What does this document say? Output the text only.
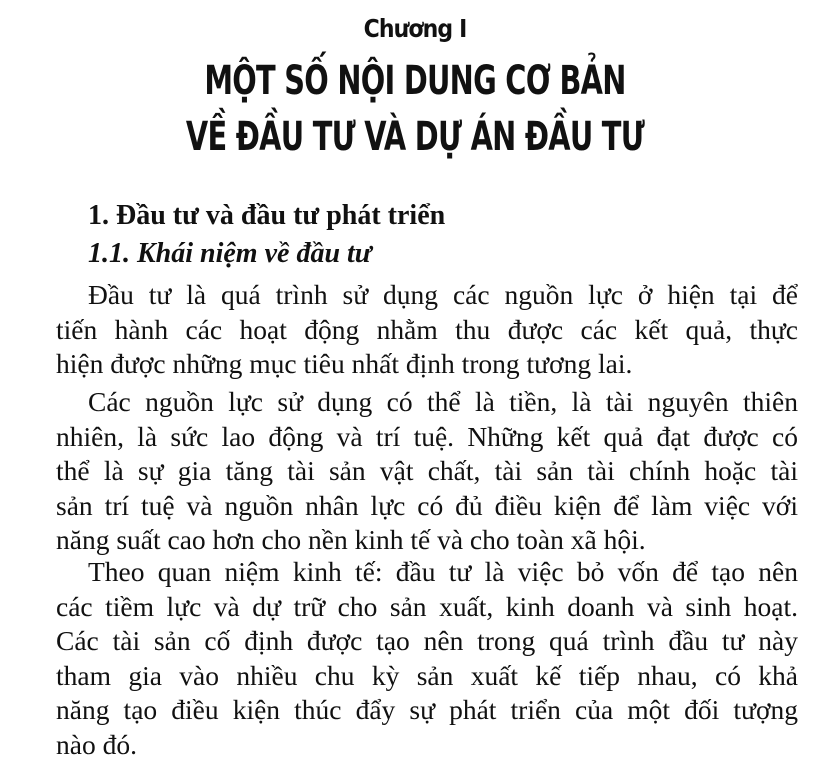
Chương I
MỘT SỐ NỘI DUNG CƠ BẢN
VỀ ĐẦU TƯ VÀ DỰ ÁN ĐẦU TƯ
1. Đầu tư và đầu tư phát triển
1.1. Khái niệm về đầu tư
Đầu tư là quá trình sử dụng các nguồn lực ở hiện tại để
tiến hành các hoạt động nhằm thu được các kết quả, thực
hiện được những mục tiêu nhất định trong tương lai.
Các nguồn lực sử dụng có thể là tiền, là tài nguyên thiên
nhiên, là sức lao động và trí tuệ. Những kết quả đạt được có
thể là sự gia tăng tài sản vật chất, tài sản tài chính hoặc tài
sản trí tuệ và nguồn nhân lực có đủ điều kiện để làm việc với
năng suất cao hơn cho nền kinh tế và cho toàn xã hội.
Theo quan niệm kinh tế: đầu tư là việc bỏ vốn để tạo nên
các tiềm lực và dự trữ cho sản xuất, kinh doanh và sinh hoạt.
Các tài sản cố định được tạo nên trong quá trình đầu tư này
tham gia vào nhiều chu kỳ sản xuất kế tiếp nhau, có khả
năng tạo điều kiện thúc đẩy sự phát triển của một đối tượng
nào đó.
